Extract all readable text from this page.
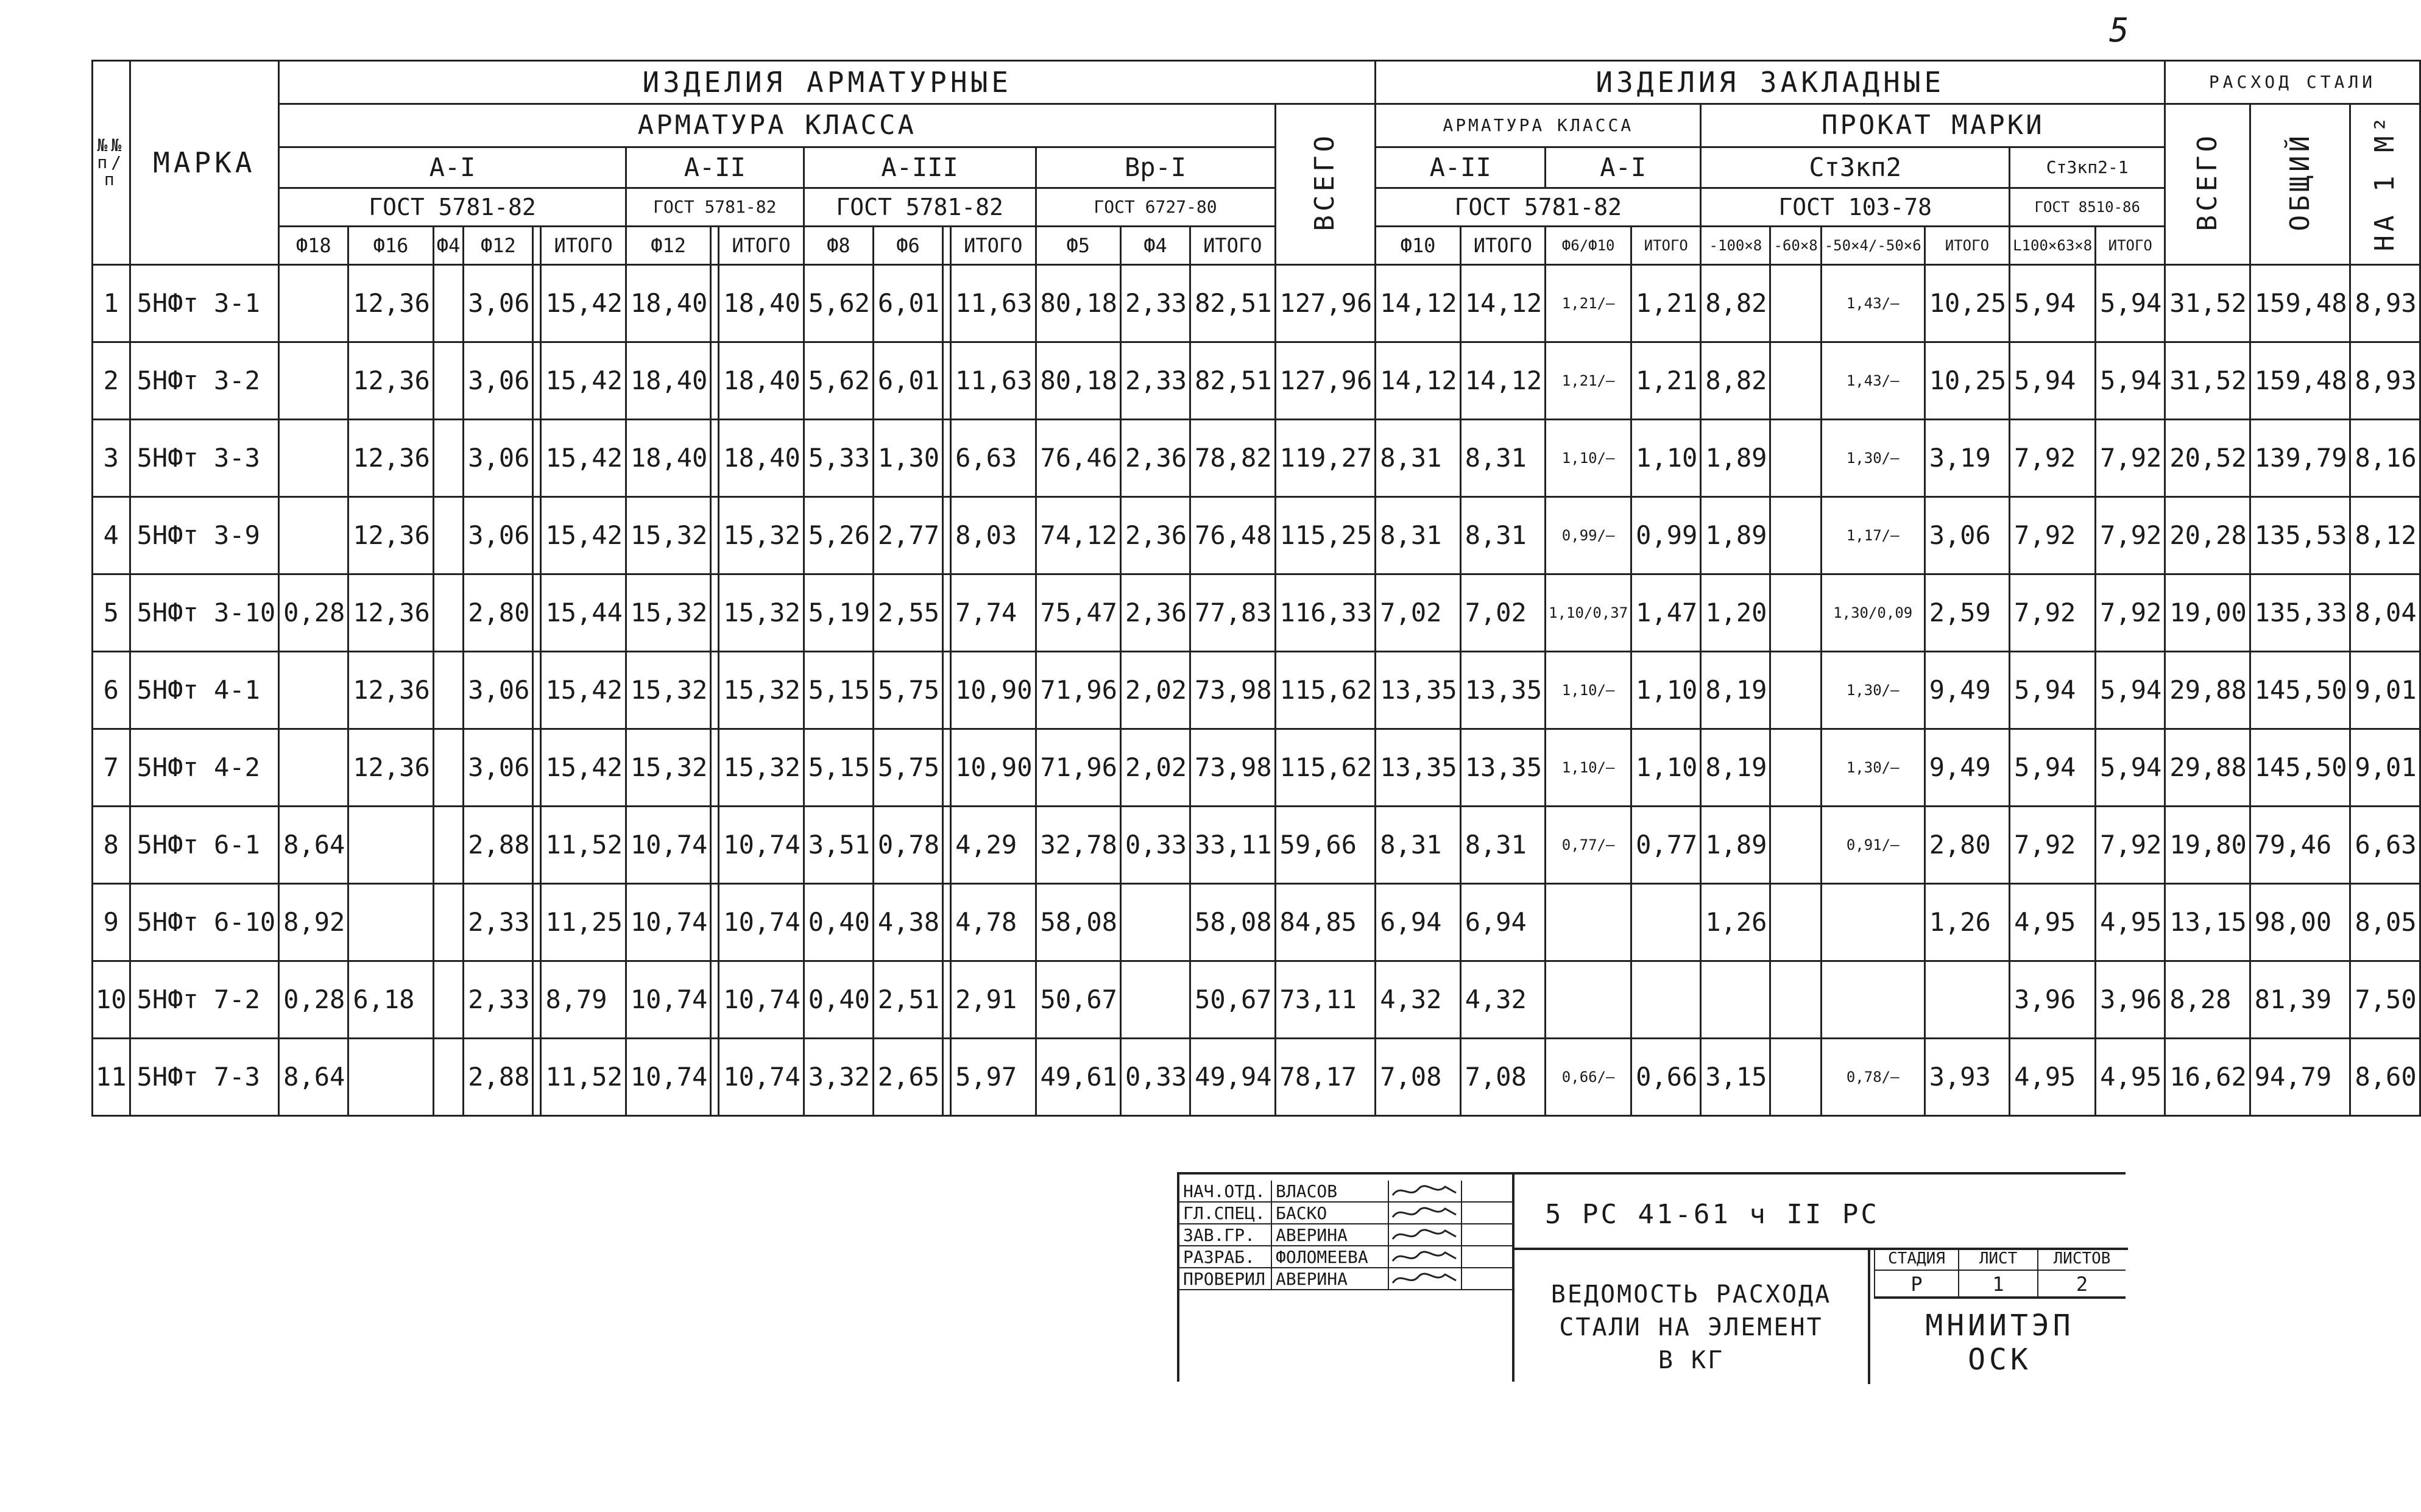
5
№№
п/п	МАРКА	ИЗДЕЛИЯ АРМАТУРНЫЕ																	ИЗДЕЛИЯ ЗАКЛАДНЫЕ										РАСХОД СТАЛИ		
		АРМАТУРА КЛАССА																ВСЕГО	АРМАТУРА КЛАССА				ПРОКАТ МАРКИ						ВСЕГО	ОБЩИЙ	НА 1 М²
		А-I						А-II			А-III				Вр-I				А-II		А-I		Ст3кп2				Ст3кп2-1				
		ГОСТ 5781-82						ГОСТ 5781-82			ГОСТ 5781-82				ГОСТ 6727-80				ГОСТ 5781-82				ГОСТ 103-78				ГОСТ 8510-86				
		Ф18	Ф16	Ф4	Ф12		ИТОГО	Ф12		ИТОГО	Ф8	Ф6		ИТОГО	Ф5	Ф4	ИТОГО		Ф10	ИТОГО	Ф6/Ф10	ИТОГО	-100×8	-60×8	-50×4/-50×6	ИТОГО	L100×63×8	ИТОГО			
1	5НФт 3-1		12,36		3,06		15,42	18,40		18,40	5,62	6,01		11,63	80,18	2,33	82,51	127,96	14,12	14,12	1,21/–	1,21	8,82		1,43/–	10,25	5,94	5,94	31,52	159,48	8,93
2	5НФт 3-2		12,36		3,06		15,42	18,40		18,40	5,62	6,01		11,63	80,18	2,33	82,51	127,96	14,12	14,12	1,21/–	1,21	8,82		1,43/–	10,25	5,94	5,94	31,52	159,48	8,93
3	5НФт 3-3		12,36		3,06		15,42	18,40		18,40	5,33	1,30		6,63	76,46	2,36	78,82	119,27	8,31	8,31	1,10/–	1,10	1,89		1,30/–	3,19	7,92	7,92	20,52	139,79	8,16
4	5НФт 3-9		12,36		3,06		15,42	15,32		15,32	5,26	2,77		8,03	74,12	2,36	76,48	115,25	8,31	8,31	0,99/–	0,99	1,89		1,17/–	3,06	7,92	7,92	20,28	135,53	8,12
5	5НФт 3-10	0,28	12,36		2,80		15,44	15,32		15,32	5,19	2,55		7,74	75,47	2,36	77,83	116,33	7,02	7,02	1,10/0,37	1,47	1,20		1,30/0,09	2,59	7,92	7,92	19,00	135,33	8,04
6	5НФт 4-1		12,36		3,06		15,42	15,32		15,32	5,15	5,75		10,90	71,96	2,02	73,98	115,62	13,35	13,35	1,10/–	1,10	8,19		1,30/–	9,49	5,94	5,94	29,88	145,50	9,01
7	5НФт 4-2		12,36		3,06		15,42	15,32		15,32	5,15	5,75		10,90	71,96	2,02	73,98	115,62	13,35	13,35	1,10/–	1,10	8,19		1,30/–	9,49	5,94	5,94	29,88	145,50	9,01
8	5НФт 6-1	8,64			2,88		11,52	10,74		10,74	3,51	0,78		4,29	32,78	0,33	33,11	59,66	8,31	8,31	0,77/–	0,77	1,89		0,91/–	2,80	7,92	7,92	19,80	79,46	6,63
9	5НФт 6-10	8,92			2,33		11,25	10,74		10,74	0,40	4,38		4,78	58,08		58,08	84,85	6,94	6,94			1,26			1,26	4,95	4,95	13,15	98,00	8,05
10	5НФт 7-2	0,28	6,18		2,33		8,79	10,74		10,74	0,40	2,51		2,91	50,67		50,67	73,11	4,32	4,32							3,96	3,96	8,28	81,39	7,50
11	5НФт 7-3	8,64			2,88		11,52	10,74		10,74	3,32	2,65		5,97	49,61	0,33	49,94	78,17	7,08	7,08	0,66/–	0,66	3,15		0,78/–	3,93	4,95	4,95	16,62	94,79	8,60
НАЧ.ОТД. ВЛАСОВ
ГЛ.СПЕЦ. БАСКО
ЗАВ.ГР.	АВЕРИНА
РАЗРАБ.	ФОЛОМЕЕВА
ПРОВЕРИЛ АВЕРИНА
5 РС 41-61 ч II РС
ВЕДОМОСТЬ РАСХОДА
СТАЛИ НА ЭЛЕМЕНТ
В КГ
СТАДИЯ
Р
ЛИСТ
1
ЛИСТОВ
2
МНИИТЭП
ОСК
